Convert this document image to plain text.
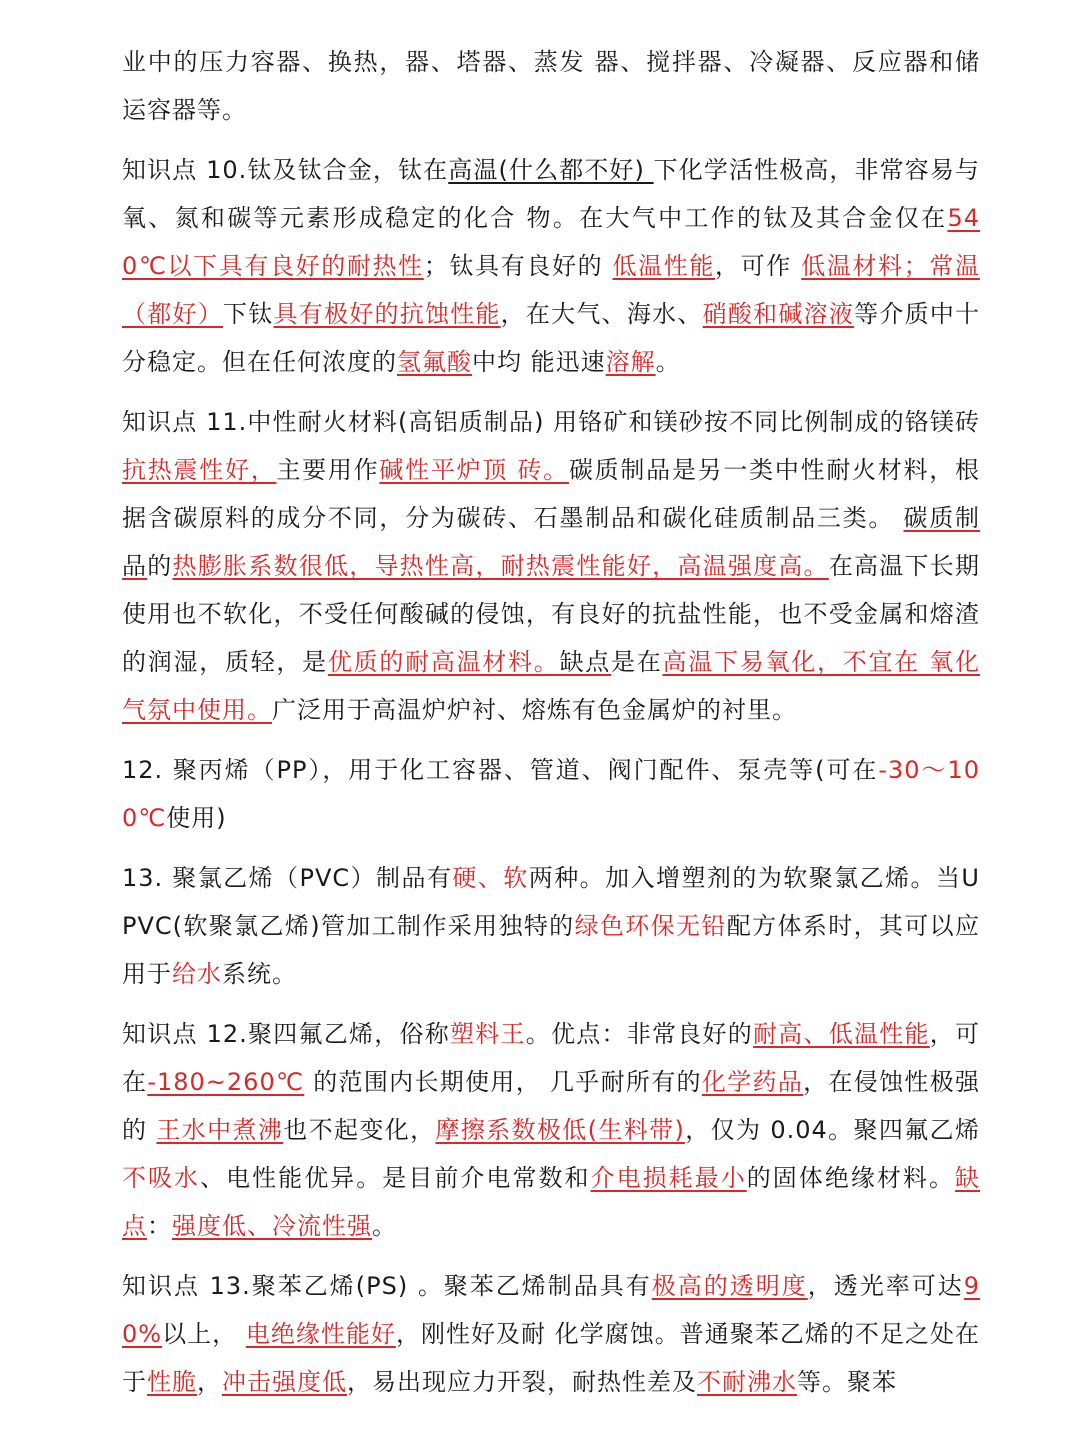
业中的压力容器、换热，器、塔器、蒸发 器、搅拌器、冷凝器、反应器和储运容器等。

知识点 10.钛及钛合金，钛在高温(什么都不好) 下化学活性极高，非常容易与氧、氮和碳等元素形成稳定的化合 物。在大气中工作的钛及其合金仅在540℃以下具有良好的耐热性；钛具有良好的 低温性能，可作 低温材料；常温 （都好）下钛具有极好的抗蚀性能，在大气、海水、硝酸和碱溶液等介质中十分稳定。但在任何浓度的氢氟酸中均 能迅速溶解。

知识点 11.中性耐火材料(高铝质制品) 用铬矿和镁砂按不同比例制成的铬镁砖抗热震性好，主要用作碱性平炉顶 砖。碳质制品是另一类中性耐火材料，根据含碳原料的成分不同，分为碳砖、石墨制品和碳化硅质制品三类。 碳质制品的热膨胀系数很低，导热性高，耐热震性能好，高温强度高。在高温下长期使用也不软化，不受任何酸碱的侵蚀，有良好的抗盐性能，也不受金属和熔渣的润湿，质轻，是优质的耐高温材料。缺点是在高温下易氧化，不宜在 氧化气氛中使用。广泛用于高温炉炉衬、熔炼有色金属炉的衬里。

12. 聚丙烯（PP），用于化工容器、管道、阀门配件、泵壳等(可在-30～100℃使用)

13. 聚氯乙烯（PVC）制品有硬、软两种。加入增塑剂的为软聚氯乙烯。当UPVC(软聚氯乙烯)管加工制作采用独特的绿色环保无铅配方体系时，其可以应用于给水系统。

知识点 12.聚四氟乙烯，俗称塑料王。优点：非常良好的耐高、低温性能，可在-180~260℃ 的范围内长期使用， 几乎耐所有的化学药品，在侵蚀性极强的 王水中煮沸也不起变化，摩擦系数极低(生料带)，仅为 0.04。聚四氟乙烯不吸水、电性能优异。是目前介电常数和介电损耗最小的固体绝缘材料。缺点：强度低、冷流性强。

知识点 13.聚苯乙烯(PS) 。聚苯乙烯制品具有极高的透明度，透光率可达90%以上， 电绝缘性能好，刚性好及耐 化学腐蚀。普通聚苯乙烯的不足之处在于性脆，冲击强度低，易出现应力开裂，耐热性差及不耐沸水等。聚苯
